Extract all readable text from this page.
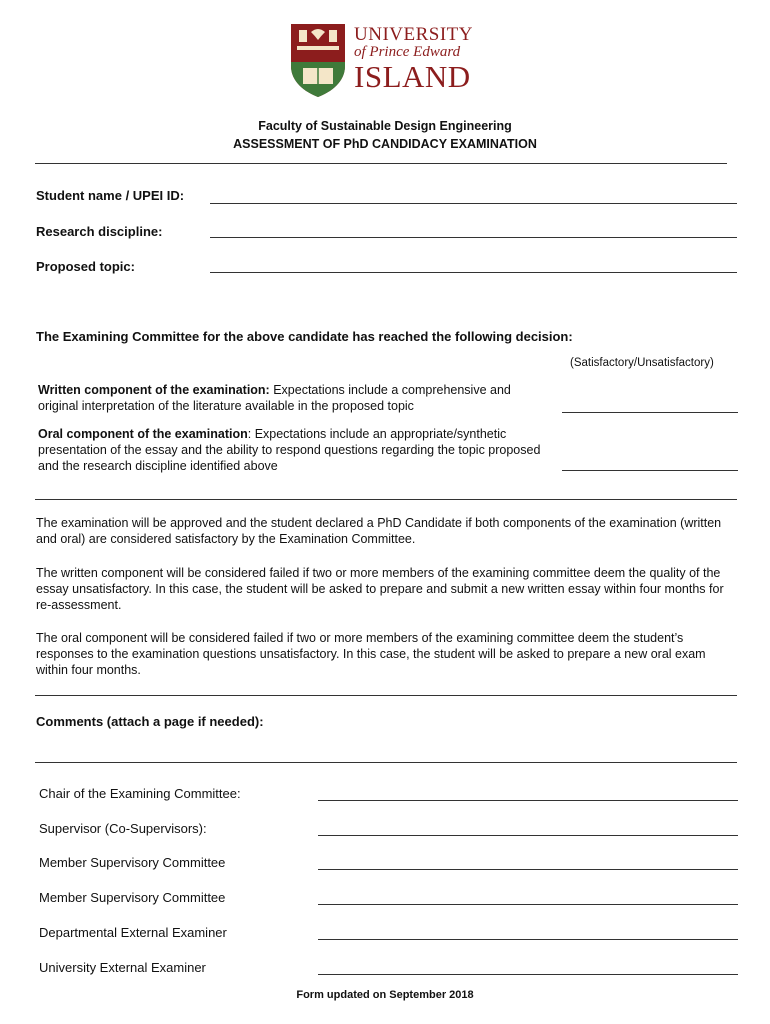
UNIVERSITY
of Prince Edward
ISLAND
Faculty of Sustainable Design Engineering
ASSESSMENT OF PhD CANDIDACY EXAMINATION
Student name / UPEI ID:
Research discipline:
Proposed topic:
The Examining Committee for the above candidate has reached the following decision:
(Satisfactory/Unsatisfactory)
Written component of the examination: Expectations include a comprehensive and original interpretation of the literature available in the proposed topic
Oral component of the examination: Expectations include an appropriate/synthetic presentation of the essay and the ability to respond questions regarding the topic proposed and the research discipline identified above
The examination will be approved and the student declared a PhD Candidate if both components of the examination (written and oral) are considered satisfactory by the Examination Committee.
The written component will be considered failed if two or more members of the examining committee deem the quality of the essay unsatisfactory. In this case, the student will be asked to prepare and submit a new written essay within four months for re-assessment.
The oral component will be considered failed if two or more members of the examining committee deem the student’s responses to the examination questions unsatisfactory. In this case, the student will be asked to prepare a new oral exam within four months.
Comments (attach a page if needed):
Chair of the Examining Committee:
Supervisor (Co-Supervisors):
Member Supervisory Committee
Member Supervisory Committee
Departmental External Examiner
University External Examiner
Form updated on September 2018
